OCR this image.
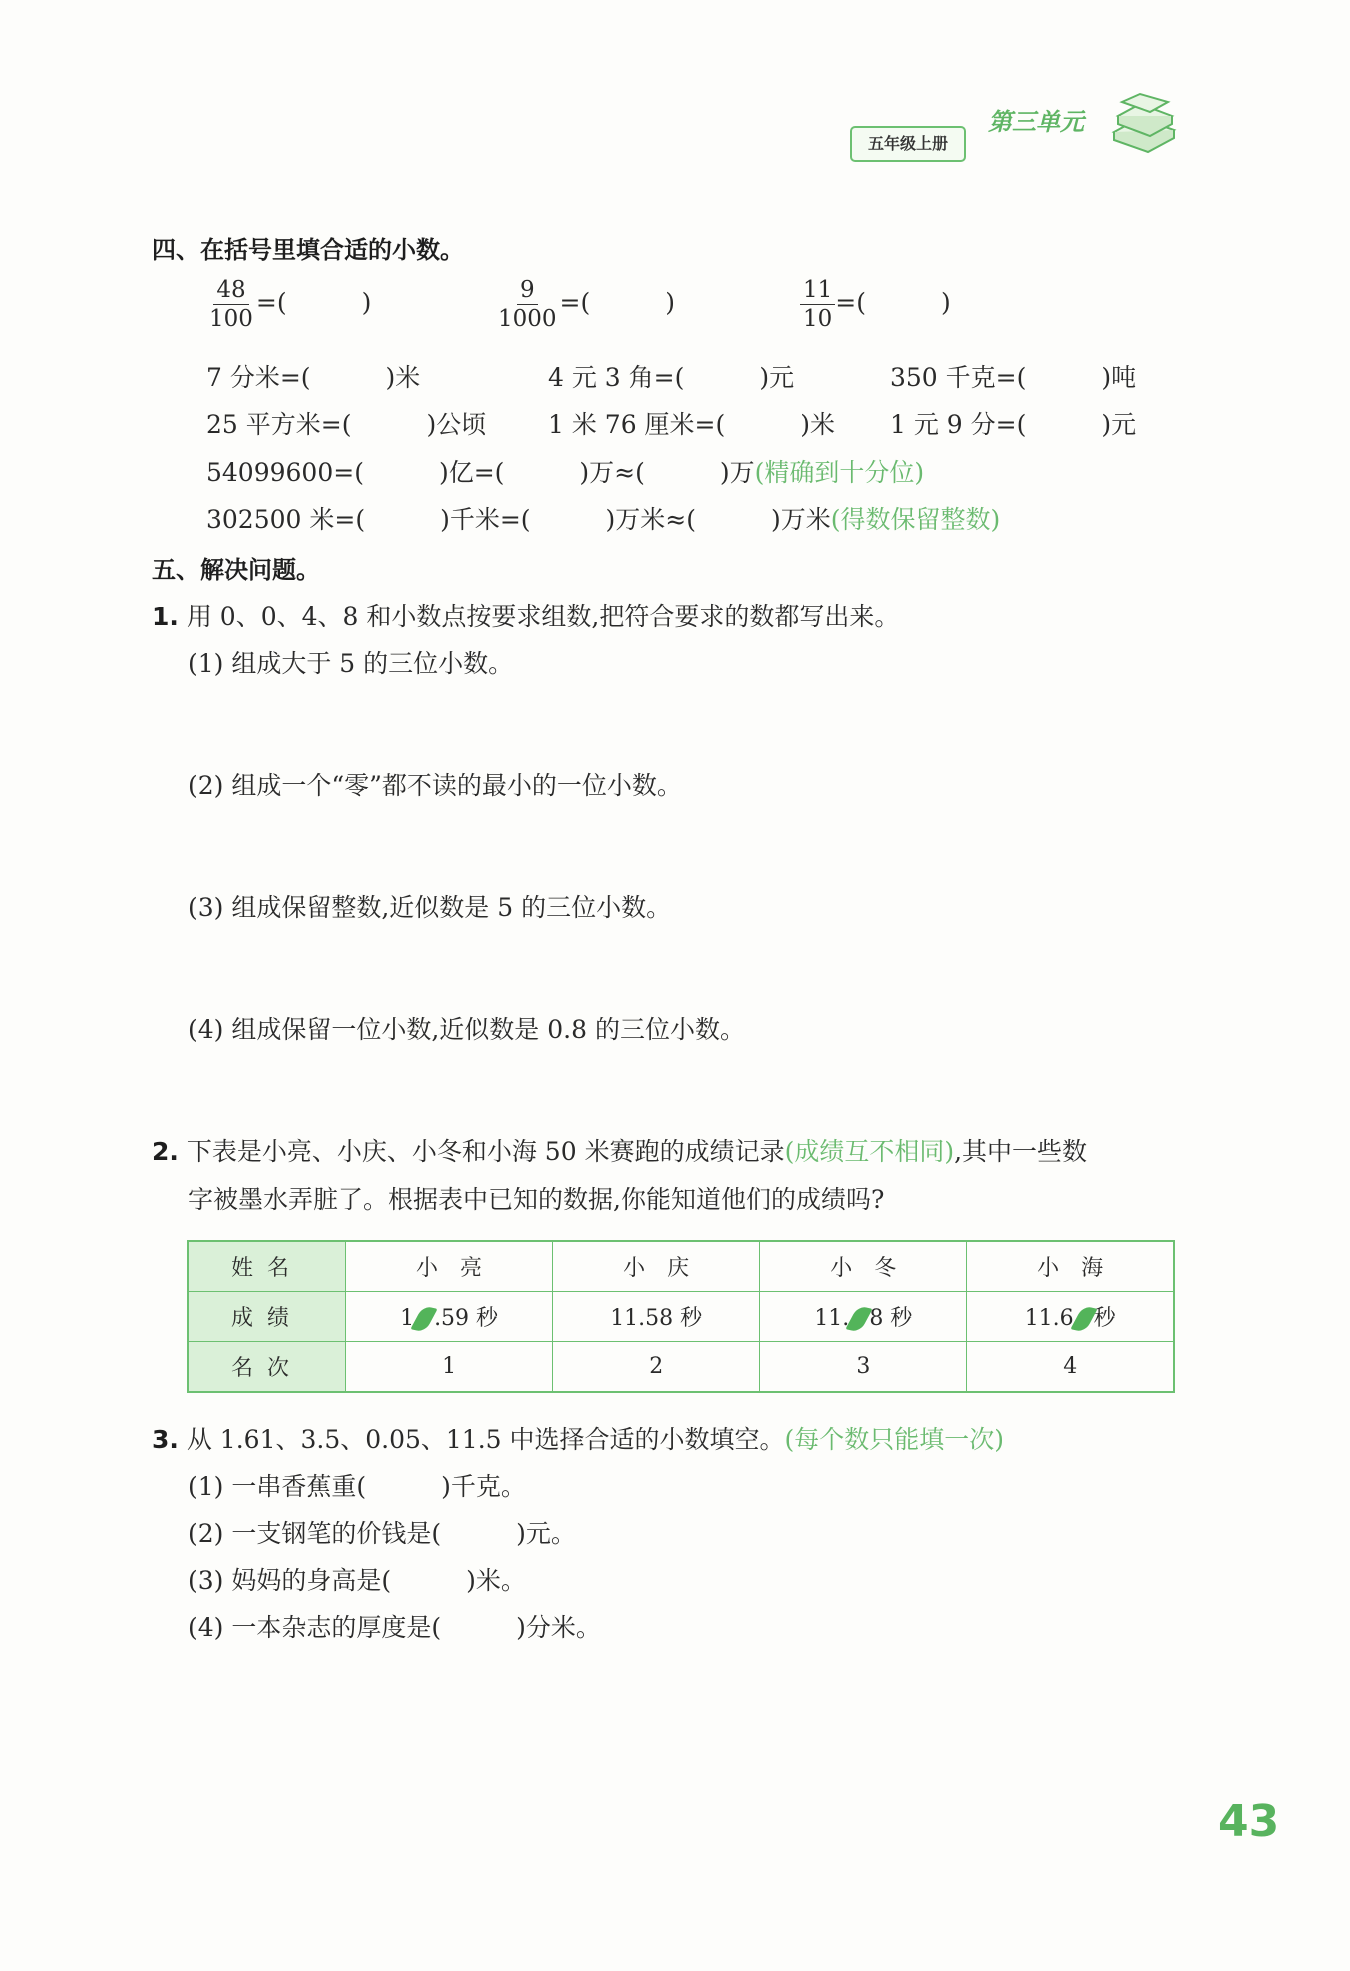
五年级上册
第三单元
四、在括号里填合适的小数。
$\frac{48}{100}$ =(　　　)	$\frac{9}{1000}$ =(　　　)	$\frac{11}{10}$ =(　　　)
7 分米=(　　　)米	4 元 3 角=(　　　)元	350 千克=(　　　)吨
25 平方米=(　　　)公顷 1 米 76 厘米=(　　　)米 1 元 9 分=(　　　)元
54099600=(　　　)亿=(　　　)万≈(　　　)万(精确到十分位)
302500 米=(　　　)千米=(　　　)万米≈(　　　)万米(得数保留整数)
五、解决问题。
1. 用 0、0、4、8 和小数点按要求组数,把符合要求的数都写出来。
(1) 组成大于 5 的三位小数。
(2) 组成一个“零”都不读的最小的一位小数。
(3) 组成保留整数,近似数是 5 的三位小数。
(4) 组成保留一位小数,近似数是 0.8 的三位小数。
2. 下表是小亮、小庆、小冬和小海 50 米赛跑的成绩记录(成绩互不相同),其中一些数
字被墨水弄脏了。根据表中已知的数据,你能知道他们的成绩吗?
姓名	小　亮	小　庆	小　冬	小　海
成绩	1 .59 秒	11.58 秒	11. 8 秒	11.6 秒
名次	1	2	3	4
3. 从 1.61、3.5、0.05、11.5 中选择合适的小数填空。(每个数只能填一次)
(1) 一串香蕉重(　　　)千克。
(2) 一支钢笔的价钱是(　　　)元。
(3) 妈妈的身高是(　　　)米。
(4) 一本杂志的厚度是(　　　)分米。
43
